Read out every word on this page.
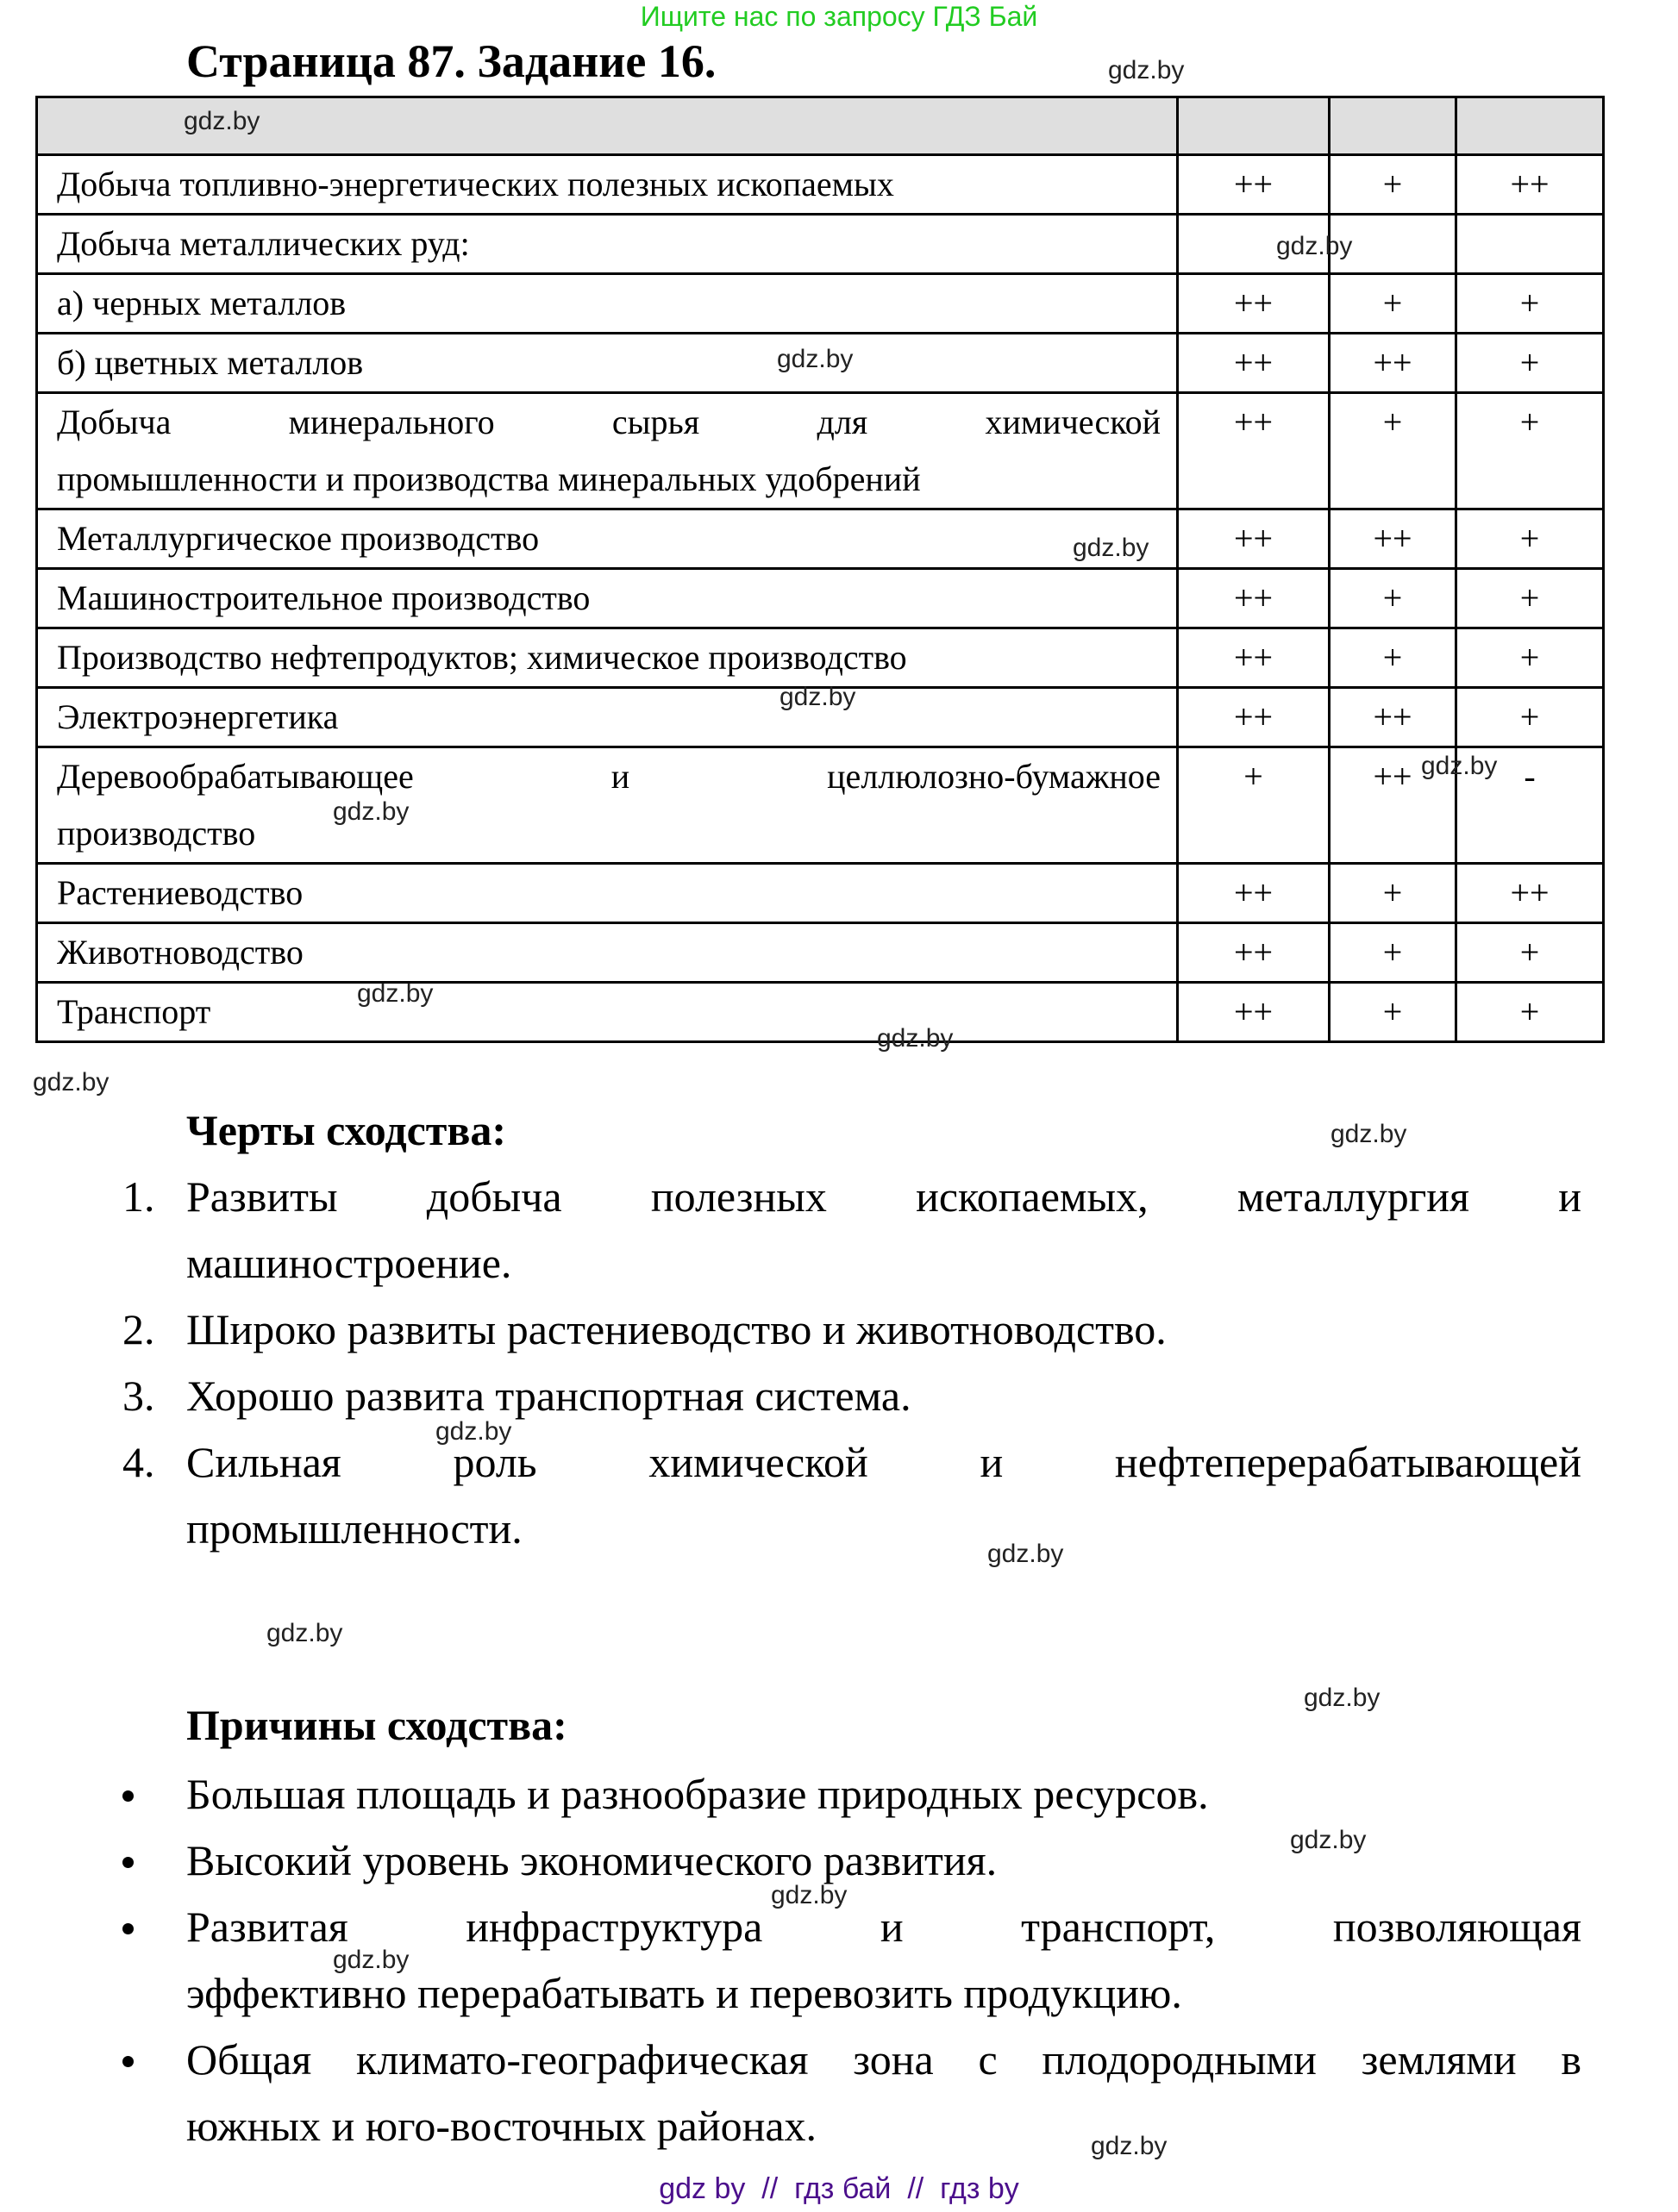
Ищите нас по запросу ГДЗ Бай
Страница 87. Задание 16.

Добыча топливно-энергетических полезных ископаемых	++	+	++
Добыча металлических руд:			
а) черных металлов	++	+	+
б) цветных металлов	++	++	+

Добыча минерального сырья для химической
промышленности и производства минеральных удобрений	++	+	+
Металлургическое производство	++	++	+
Машиностроительное производство	++	+	+
Производство нефтепродуктов; химическое производство	++	+	+
Электроэнергетика	++	++	+

Деревообрабатывающее и целлюлозно-бумажное
производство	+	++	-
Растениеводство	++	+	++
Животноводство	++	+	+
Транспорт	++	+	+
Черты сходства:
1. Развиты добыча полезных ископаемых, металлургия и
машиностроение.
2. Широко развиты растениеводство и животноводство.
3. Хорошо развита транспортная система.
4. Сильная роль химической и нефтеперерабатывающей
промышленности.
Причины сходства:
Большая площадь и разнообразие природных ресурсов.
Высокий уровень экономического развития.
Развитая инфраструктура и транспорт, позволяющая
эффективно перерабатывать и перевозить продукцию.
Общая климато-географическая зона с плодородными землями в
южных и юго-восточных районах.
gdz.by
gdz.by
gdz.by
gdz.by
gdz.by
gdz.by
gdz.by
gdz.by
gdz.by
gdz.by
gdz.by
gdz.by
gdz.by
gdz.by
gdz.by
gdz.by
gdz.by
gdz.by
gdz.by
gdz.by
gdz by  //  гдз бай  //  гдз by
